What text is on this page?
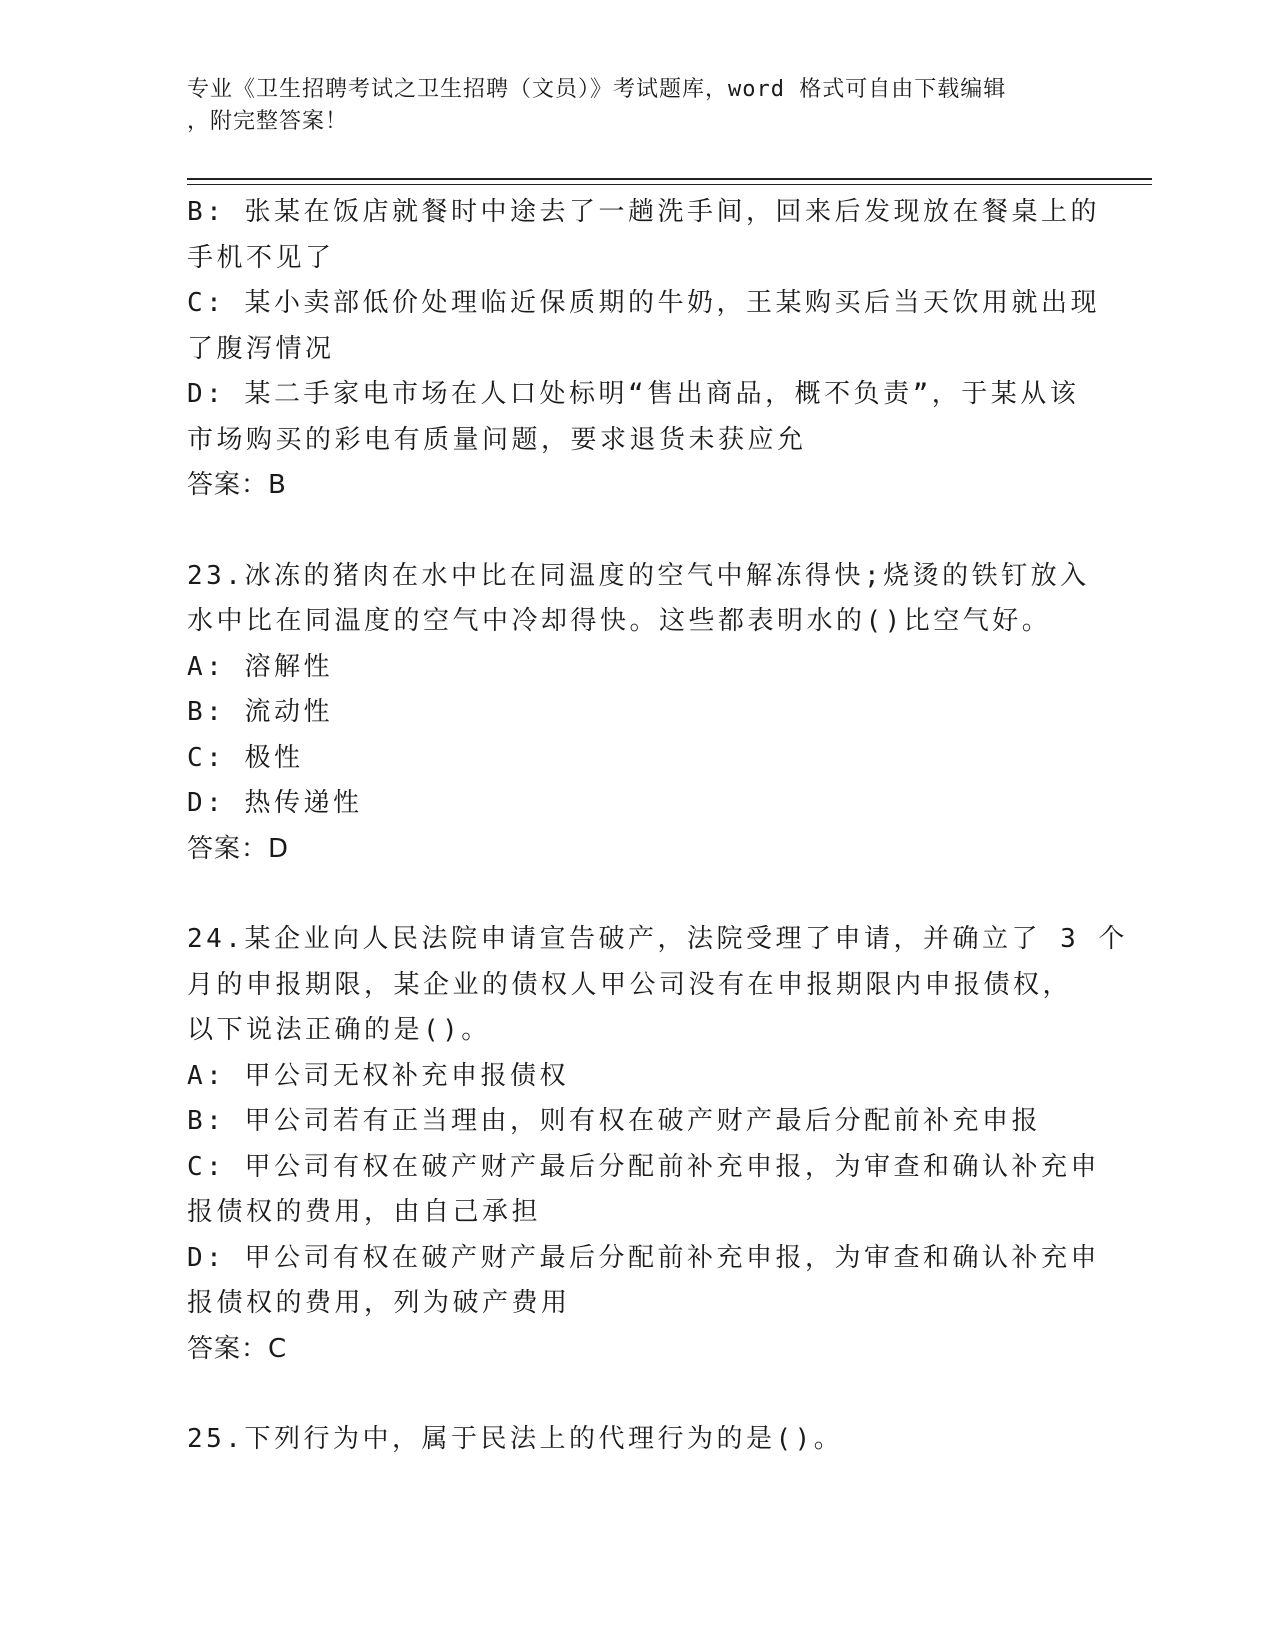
专业《卫生招聘考试之卫生招聘（文员）》考试题库，word 格式可自由下载编辑
，附完整答案！
B: 张某在饭店就餐时中途去了一趟洗手间，回来后发现放在餐桌上的
手机不见了
C: 某小卖部低价处理临近保质期的牛奶，王某购买后当天饮用就出现
了腹泻情况
D: 某二手家电市场在人口处标明“售出商品，概不负责”，于某从该
市场购买的彩电有质量问题，要求退货未获应允
答案：B
23.冰冻的猪肉在水中比在同温度的空气中解冻得快;烧烫的铁钉放入
水中比在同温度的空气中冷却得快。这些都表明水的()比空气好。
A: 溶解性
B: 流动性
C: 极性
D: 热传递性
答案：D
24.某企业向人民法院申请宣告破产，法院受理了申请，并确立了 3 个
月的申报期限，某企业的债权人甲公司没有在申报期限内申报债权，
以下说法正确的是()。
A: 甲公司无权补充申报债权
B: 甲公司若有正当理由，则有权在破产财产最后分配前补充申报
C: 甲公司有权在破产财产最后分配前补充申报，为审查和确认补充申
报债权的费用，由自己承担
D: 甲公司有权在破产财产最后分配前补充申报，为审查和确认补充申
报债权的费用，列为破产费用
答案：C
25.下列行为中，属于民法上的代理行为的是()。
